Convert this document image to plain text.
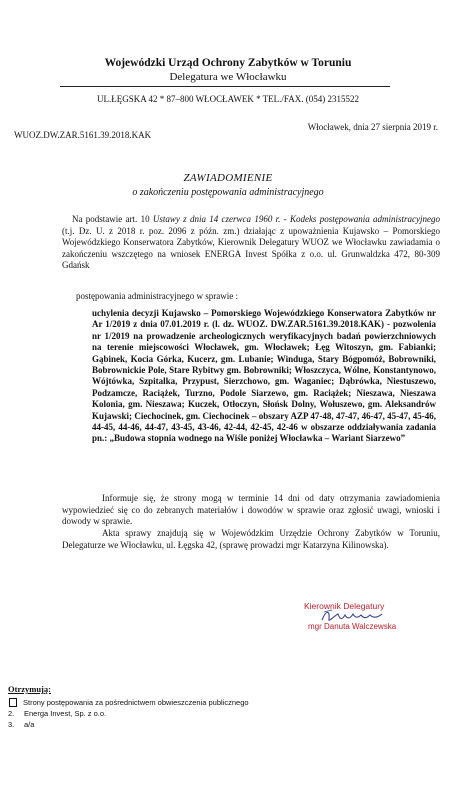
Wojewódzki Urząd Ochrony Zabytków w Toruniu
Delegatura we Włocławku
UL.ŁĘGSKA 42 * 87–800 WŁOCŁAWEK * TEL./FAX. (054) 2315522
WUOZ.DW.ZAR.5161.39.2018.KAK
Włocławek, dnia 27 sierpnia 2019 r.
ZAWIADOMIENIE
o zakończeniu postępowania administracyjnego
Na podstawie art. 10 Ustawy z dnia 14 czerwca 1960 r. - Kodeks postępowania administracyjnego (t.j. Dz. U. z 2018 r. poz. 2096 z późn. zm.) działając z upoważnienia Kujawsko – Pomorskiego Wojewódzkiego Konserwatora Zabytków, Kierownik Delegatury WUOZ we Włocławku zawiadamia o zakończeniu wszczętego na wniosek ENERGA Invest Spółka z o.o. ul. Grunwaldzka 472, 80-309 Gdańsk
postępowania administracyjnego w sprawie :
uchylenia decyzji Kujawsko – Pomorskiego Wojewódzkiego Konserwatora Zabytków nr Ar 1/2019 z dnia 07.01.2019 r. (l. dz. WUOZ. DW.ZAR.5161.39.2018.KAK) - pozwolenia nr 1/2019 na prowadzenie archeologicznych weryfikacyjnych badań powierzchniowych na terenie miejscowości Włocławek, gm. Włocławek; Łęg Witoszyn, gm. Fabianki; Gąbinek, Kocia Górka, Kucerz, gm. Lubanie; Winduga, Stary Bógpomóż, Bobrowniki, Bobrownickie Pole, Stare Rybitwy gm. Bobrowniki; Włoszczyca, Wólne, Konstantynowo, Wójtówka, Szpitalka, Przypust, Sierzchowo, gm. Waganiec; Dąbrówka, Niestuszewo, Podzamcze, Raciążek, Turzno, Podole Siarzewo, gm. Raciążek; Nieszawa, Nieszawa Kolonia, gm. Nieszawa; Kuczek, Otłoczyn, Słońsk Dolny, Wołuszewo, gm. Aleksandrów Kujawski; Ciechocinek, gm. Ciechocinek – obszary AZP 47-48, 47-47, 46-47, 45-47, 45-46, 44-45, 44-46, 44-47, 43-45, 43-46, 42-44, 42-45, 42-46 w obszarze oddziaływania zadania pn.: „Budowa stopnia wodnego na Wiśle poniżej Włocławka – Wariant Siarzewo”
Informuje się, że strony mogą w terminie 14 dni od daty otrzymania zawiadomienia wypowiedzieć się co do zebranych materiałów i dowodów w sprawie oraz zgłosić uwagi, wnioski i dowody w sprawie.
Akta sprawy znajdują się w Wojewódzkim Urzędzie Ochrony Zabytków w Toruniu, Delegaturze we Włocławku, ul. Łęgska 42, (sprawę prowadzi mgr Katarzyna Kilinowska).
Kierownik Delegatury
mgr Danuta Walczewska
Otrzymują:
Strony postępowania za pośrednictwem obwieszczenia publicznego
2.	Energa Invest, Sp. z o.o.
3.	a/a
